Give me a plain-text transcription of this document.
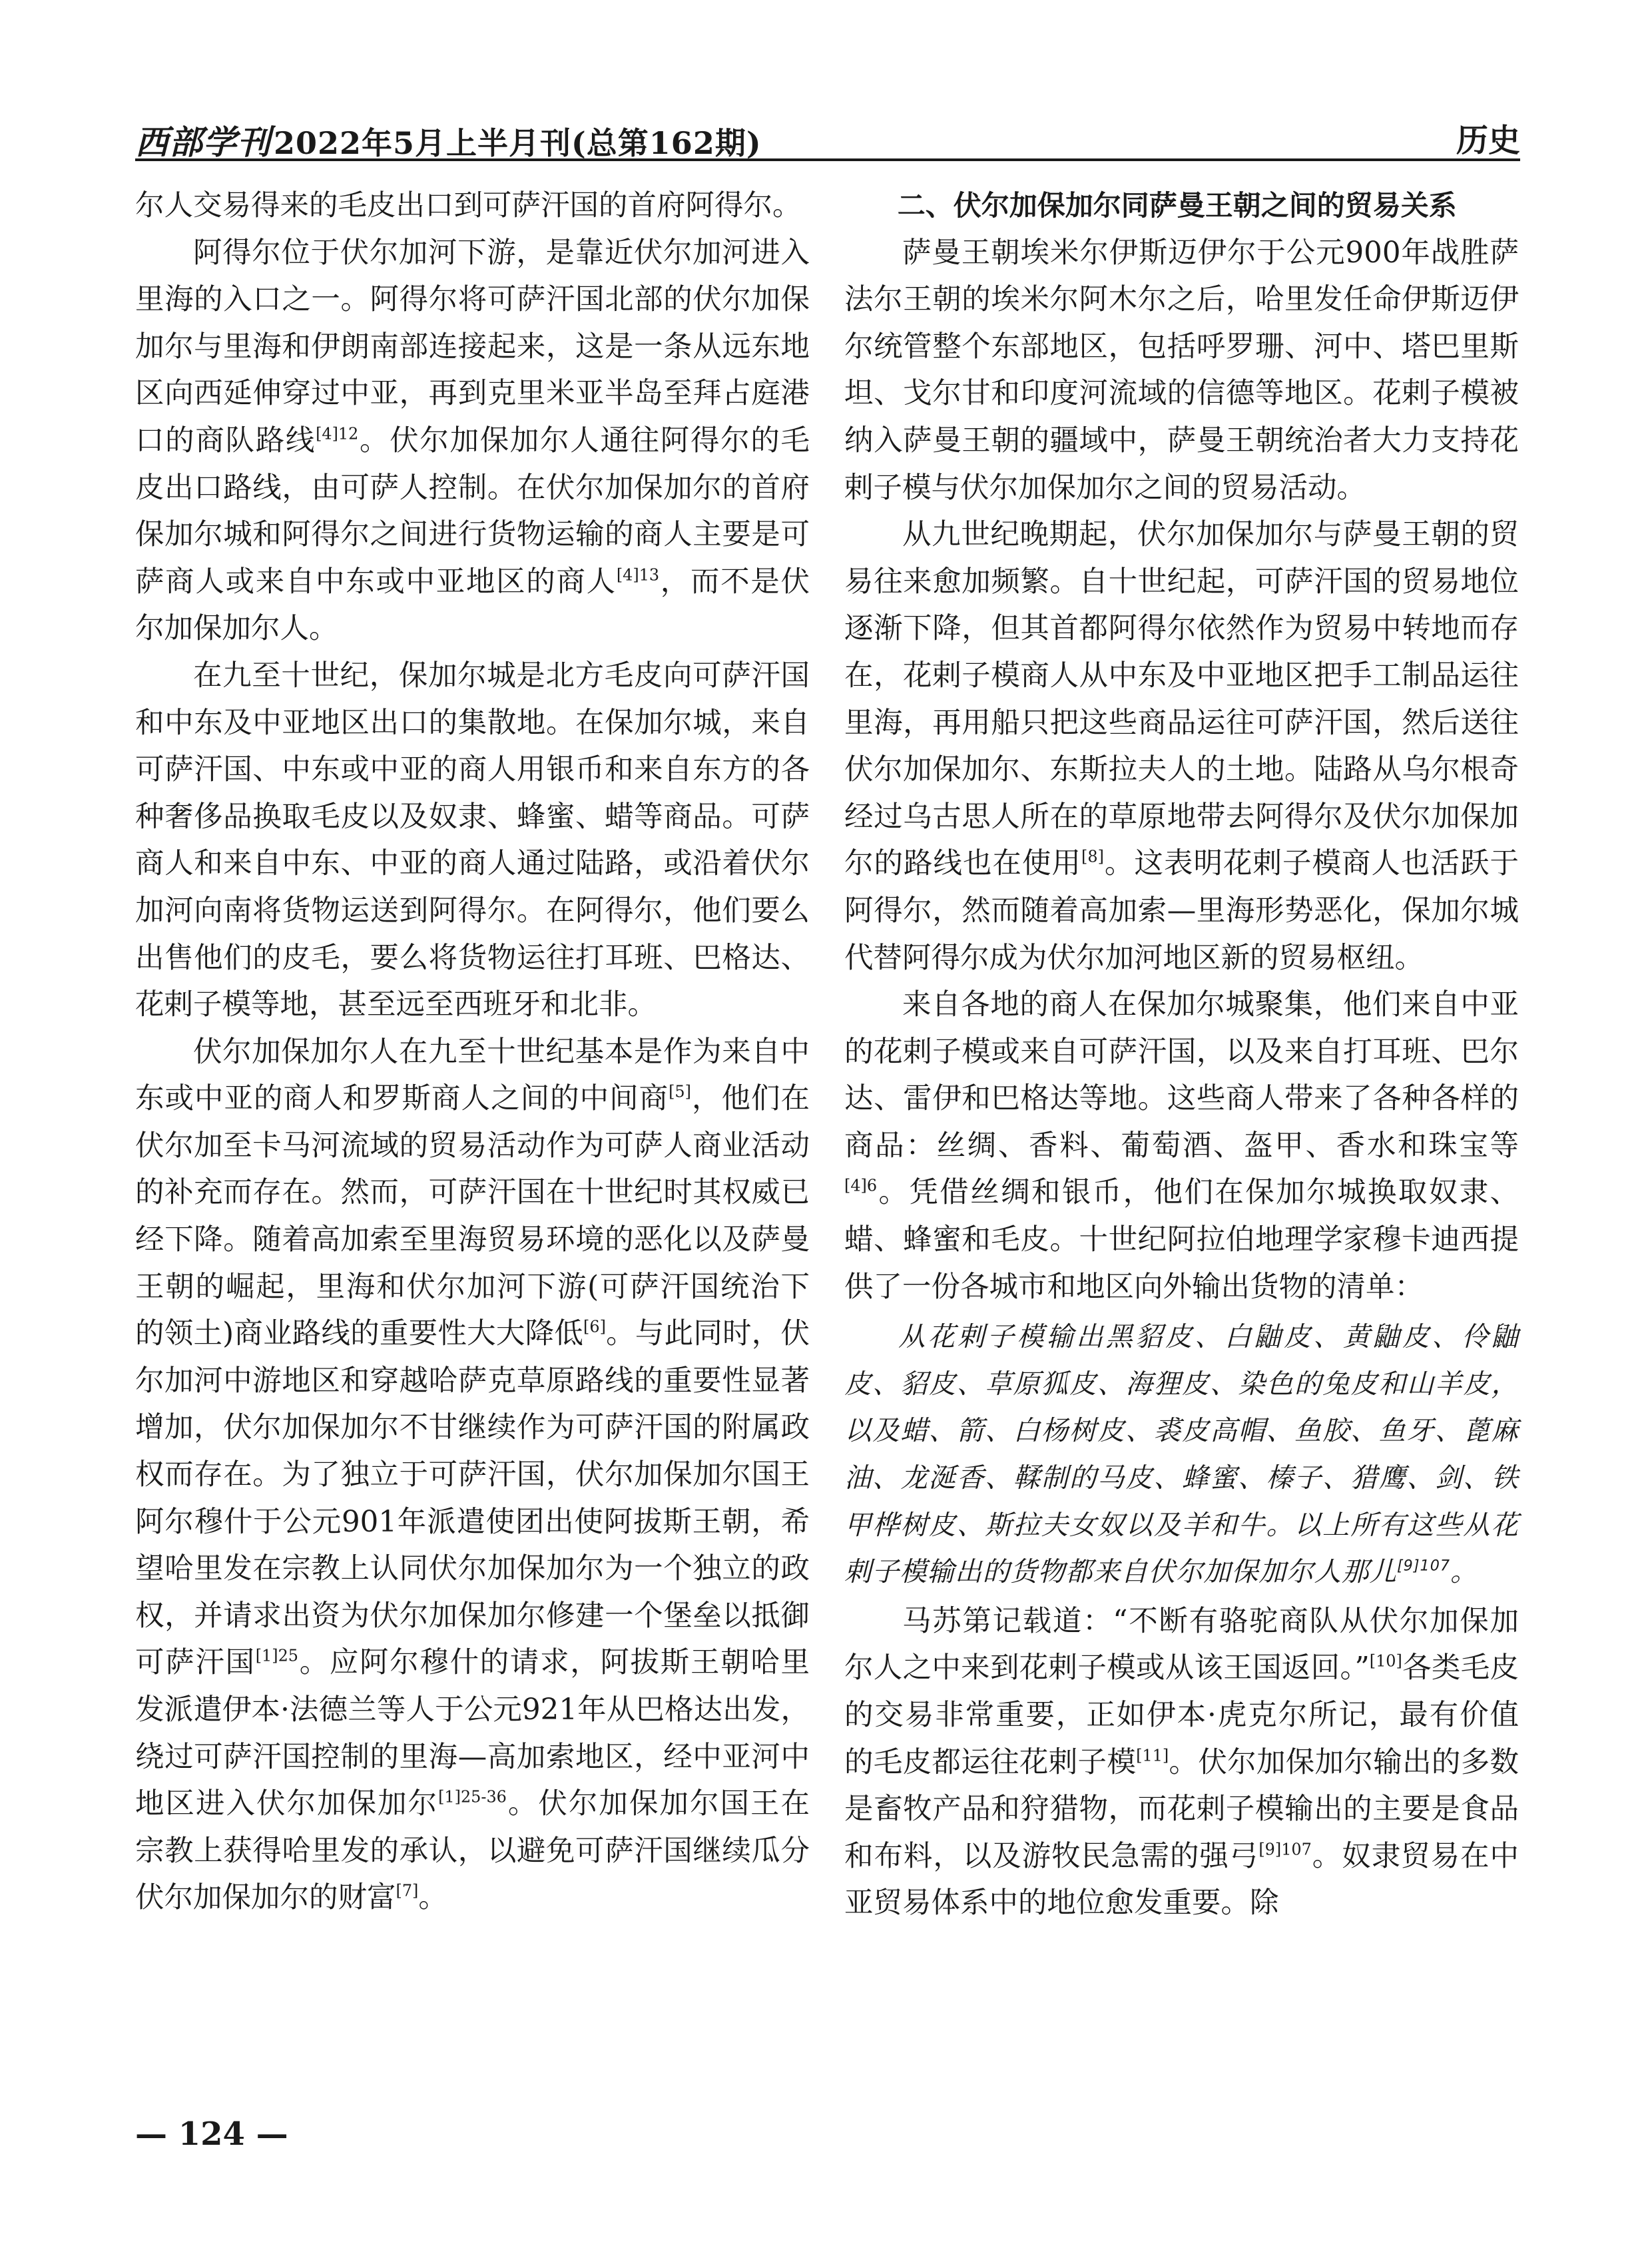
西部学刊2022年5月上半月刊(总第162期)	历史

尔人交易得来的毛皮出口到可萨汗国的首府阿得尔。

阿得尔位于伏尔加河下游，是靠近伏尔加河进入里海的入口之一。阿得尔将可萨汗国北部的伏尔加保加尔与里海和伊朗南部连接起来，这是一条从远东地区向西延伸穿过中亚，再到克里米亚半岛至拜占庭港口的商队路线$^{[4]12}$。伏尔加保加尔人通往阿得尔的毛皮出口路线，由可萨人控制。在伏尔加保加尔的首府保加尔城和阿得尔之间进行货物运输的商人主要是可萨商人或来自中东或中亚地区的商人$^{[4]13}$，而不是伏尔加保加尔人。

在九至十世纪，保加尔城是北方毛皮向可萨汗国和中东及中亚地区出口的集散地。在保加尔城，来自可萨汗国、中东或中亚的商人用银币和来自东方的各种奢侈品换取毛皮以及奴隶、蜂蜜、蜡等商品。可萨商人和来自中东、中亚的商人通过陆路，或沿着伏尔加河向南将货物运送到阿得尔。在阿得尔，他们要么出售他们的皮毛，要么将货物运往打耳班、巴格达、花剌子模等地，甚至远至西班牙和北非。

伏尔加保加尔人在九至十世纪基本是作为来自中东或中亚的商人和罗斯商人之间的中间商[5]，他们在伏尔加至卡马河流域的贸易活动作为可萨人商业活动的补充而存在。然而，可萨汗国在十世纪时其权威已经下降。随着高加索至里海贸易环境的恶化以及萨曼王朝的崛起，里海和伏尔加河下游(可萨汗国统治下的领土)商业路线的重要性大大降低[6]。与此同时，伏尔加河中游地区和穿越哈萨克草原路线的重要性显著增加，伏尔加保加尔不甘继续作为可萨汗国的附属政权而存在。为了独立于可萨汗国，伏尔加保加尔国王阿尔穆什于公元901年派遣使团出使阿拔斯王朝，希望哈里发在宗教上认同伏尔加保加尔为一个独立的政权，并请求出资为伏尔加保加尔修建一个堡垒以抵御可萨汗国$^{[1]25}$。应阿尔穆什的请求，阿拔斯王朝哈里发派遣伊本·法德兰等人于公元921年从巴格达出发，绕过可萨汗国控制的里海—高加索地区，经中亚河中地区进入伏尔加保加尔$^{[1]25-36}$。伏尔加保加尔国王在宗教上获得哈里发的承认，以避免可萨汗国继续瓜分伏尔加保加尔的财富[7]。

二、伏尔加保加尔同萨曼王朝之间的贸易关系

萨曼王朝埃米尔伊斯迈伊尔于公元900年战胜萨法尔王朝的埃米尔阿木尔之后，哈里发任命伊斯迈伊尔统管整个东部地区，包括呼罗珊、河中、塔巴里斯坦、戈尔甘和印度河流域的信德等地区。花剌子模被纳入萨曼王朝的疆域中，萨曼王朝统治者大力支持花剌子模与伏尔加保加尔之间的贸易活动。

从九世纪晚期起，伏尔加保加尔与萨曼王朝的贸易往来愈加频繁。自十世纪起，可萨汗国的贸易地位逐渐下降，但其首都阿得尔依然作为贸易中转地而存在，花剌子模商人从中东及中亚地区把手工制品运往里海，再用船只把这些商品运往可萨汗国，然后送往伏尔加保加尔、东斯拉夫人的土地。陆路从乌尔根奇经过乌古思人所在的草原地带去阿得尔及伏尔加保加尔的路线也在使用[8]。这表明花剌子模商人也活跃于阿得尔，然而随着高加索—里海形势恶化，保加尔城代替阿得尔成为伏尔加河地区新的贸易枢纽。

来自各地的商人在保加尔城聚集，他们来自中亚的花剌子模或来自可萨汗国，以及来自打耳班、巴尔达、雷伊和巴格达等地。这些商人带来了各种各样的商品：丝绸、香料、葡萄酒、盔甲、香水和珠宝等$^{[4]6}$。凭借丝绸和银币，他们在保加尔城换取奴隶、蜡、蜂蜜和毛皮。十世纪阿拉伯地理学家穆卡迪西提供了一份各城市和地区向外输出货物的清单：

从花剌子模输出黑貂皮、白鼬皮、黄鼬皮、伶鼬皮、貂皮、草原狐皮、海狸皮、染色的兔皮和山羊皮，以及蜡、箭、白杨树皮、裘皮高帽、鱼胶、鱼牙、蓖麻油、龙涎香、鞣制的马皮、蜂蜜、榛子、猎鹰、剑、铁甲桦树皮、斯拉夫女奴以及羊和牛。以上所有这些从花剌子模输出的货物都来自伏尔加保加尔人那儿$^{[9]107}$。

马苏第记载道：“不断有骆驼商队从伏尔加保加尔人之中来到花剌子模或从该王国返回。”[10]各类毛皮的交易非常重要，正如伊本·虎克尔所记，最有价值的毛皮都运往花剌子模[11]。伏尔加保加尔输出的多数是畜牧产品和狩猎物，而花剌子模输出的主要是食品和布料，以及游牧民急需的强弓$^{[9]107}$。奴隶贸易在中亚贸易体系中的地位愈发重要。除

— 124 —
